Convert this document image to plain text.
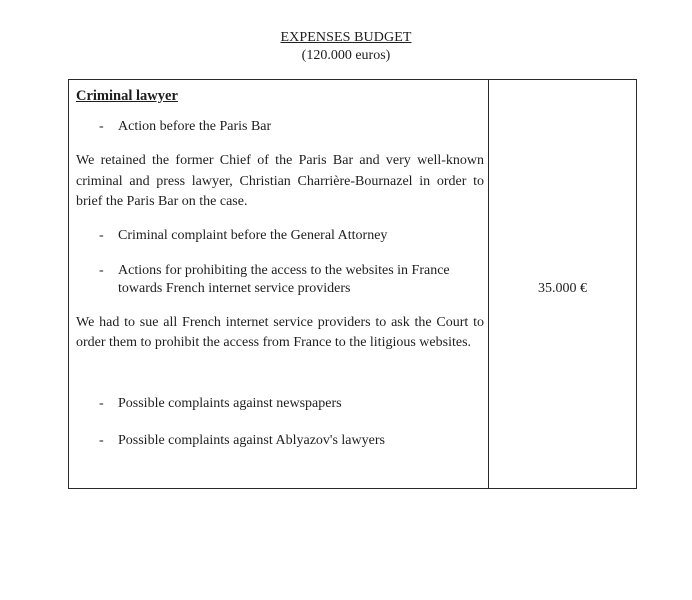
EXPENSES BUDGET
(120.000 euros)
Criminal lawyer
- Action before the Paris Bar
We retained the former Chief of the Paris Bar and very well-known criminal and press lawyer, Christian Charrière-Bournazel in order to brief the Paris Bar on the case.
- Criminal complaint before the General Attorney
- Actions for prohibiting the access to the websites in France
towards French internet service providers
We had to sue all French internet service providers to ask the Court to order them to prohibit the access from France to the litigious websites.
- Possible complaints against newspapers
- Possible complaints against Ablyazov's lawyers
35.000 €
